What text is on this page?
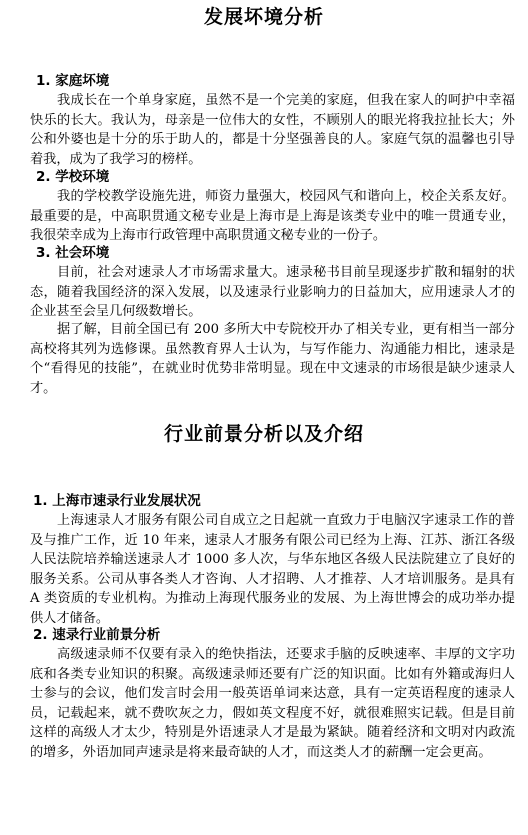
发展坏境分析
1. 家庭坏境
我成长在一个单身家庭，虽然不是一个完美的家庭，但我在家人的呵护中幸福快乐的长大。我认为，母亲是一位伟大的女性，不顾别人的眼光将我拉扯长大；外公和外婆也是十分的乐于助人的，都是十分坚强善良的人。家庭气氛的温馨也引导着我，成为了我学习的榜样。
2. 学校环境
我的学校教学设施先进，师资力量强大，校园风气和谐向上，校企关系友好。最重要的是，中高职贯通文秘专业是上海市是上海是该类专业中的唯一贯通专业，我很荣幸成为上海市行政管理中高职贯通文秘专业的一份子。
3. 社会环境
目前，社会对速录人才市场需求量大。速录秘书目前呈现逐步扩散和辐射的状态，随着我国经济的深入发展，以及速录行业影响力的日益加大，应用速录人才的企业甚至会呈几何级数增长。
据了解，目前全国已有 200 多所大中专院校开办了相关专业，更有相当一部分高校将其列为选修课。虽然教育界人士认为，与写作能力、沟通能力相比，速录是个“看得见的技能”，在就业时优势非常明显。现在中文速录的市场很是缺少速录人才。
行业前景分析以及介绍
1. 上海市速录行业发展状况
上海速录人才服务有限公司自成立之日起就一直致力于电脑汉字速录工作的普及与推广工作，近 10 年来，速录人才服务有限公司已经为上海、江苏、浙江各级人民法院培养输送速录人才 1000 多人次，与华东地区各级人民法院建立了良好的服务关系。公司从事各类人才咨询、人才招聘、人才推荐、人才培训服务。是具有 A 类资质的专业机构。为推动上海现代服务业的发展、为上海世博会的成功举办提供人才储备。
2. 速录行业前景分析
高级速录师不仅要有录入的绝快指法，还要求手脑的反映速率、丰厚的文字功底和各类专业知识的积聚。高级速录师还要有广泛的知识面。比如有外籍或海归人士参与的会议，他们发言时会用一般英语单词来达意，具有一定英语程度的速录人员，记载起来，就不费吹灰之力，假如英文程度不好，就很难照实记载。但是目前这样的高级人才太少，特别是外语速录人才是最为紧缺。随着经济和文明对内政流的增多，外语加同声速录是将来最奇缺的人才，而这类人才的薪酬一定会更高。
